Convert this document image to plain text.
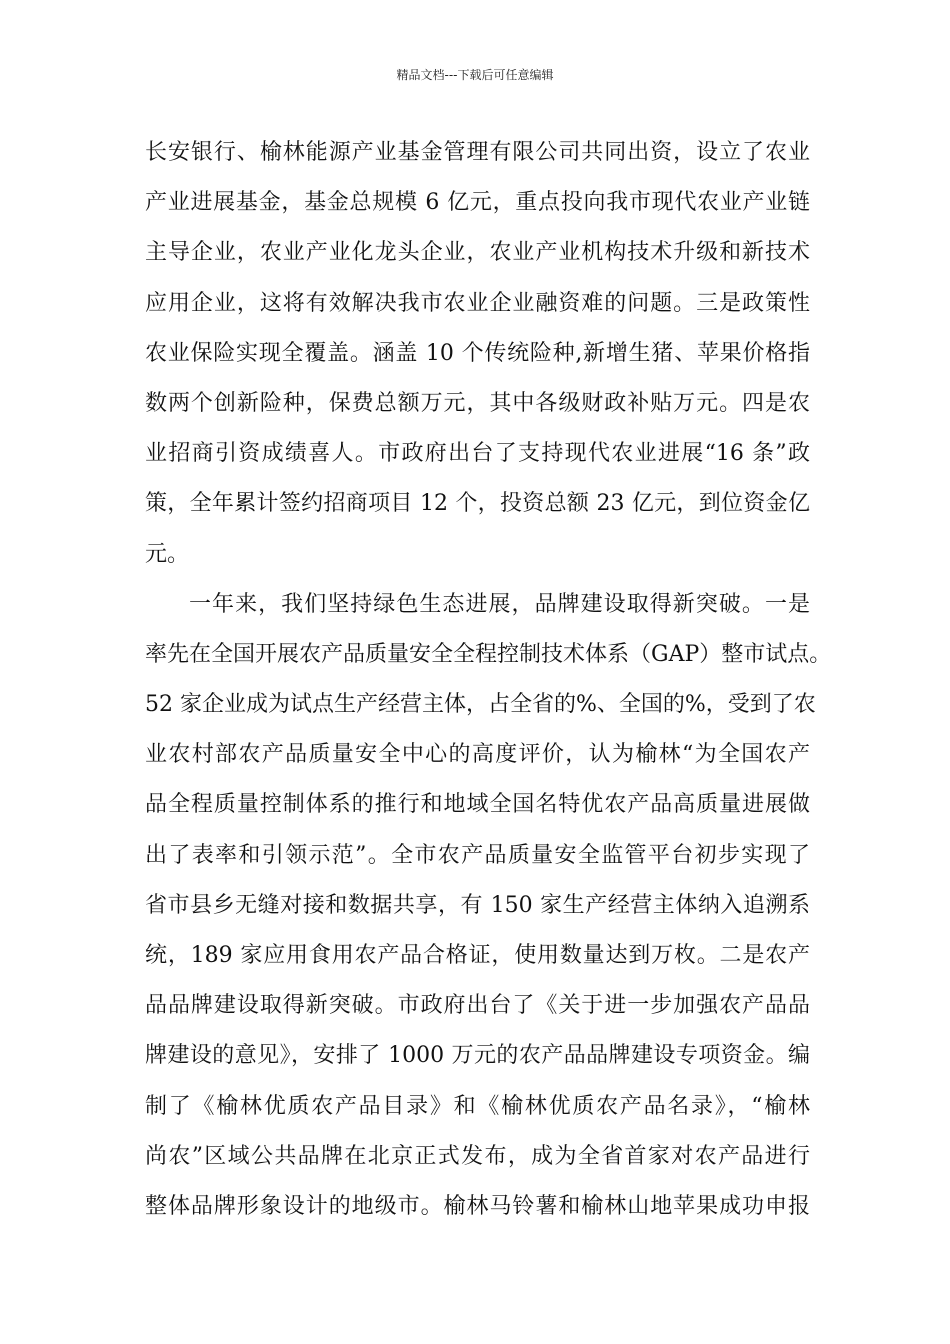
精品文档---下载后可任意编辑
长安银行、榆林能源产业基金管理有限公司共同出资，设立了农业
产业进展基金，基金总规模 6 亿元，重点投向我市现代农业产业链
主导企业，农业产业化龙头企业，农业产业机构技术升级和新技术
应用企业，这将有效解决我市农业企业融资难的问题。三是政策性
农业保险实现全覆盖。涵盖 10 个传统险种,新增生猪、苹果价格指
数两个创新险种，保费总额万元，其中各级财政补贴万元。四是农
业招商引资成绩喜人。市政府出台了支持现代农业进展“16 条”政
策，全年累计签约招商项目 12 个，投资总额 23 亿元，到位资金亿
元。
一年来，我们坚持绿色生态进展，品牌建设取得新突破。一是
率先在全国开展农产品质量安全全程控制技术体系（GAP）整市试点。
52 家企业成为试点生产经营主体，占全省的%、全国的%，受到了农
业农村部农产品质量安全中心的高度评价，认为榆林“为全国农产
品全程质量控制体系的推行和地域全国名特优农产品高质量进展做
出了表率和引领示范”。全市农产品质量安全监管平台初步实现了
省市县乡无缝对接和数据共享，有 150 家生产经营主体纳入追溯系
统，189 家应用食用农产品合格证，使用数量达到万枚。二是农产
品品牌建设取得新突破。市政府出台了《关于进一步加强农产品品
牌建设的意见》，安排了 1000 万元的农产品品牌建设专项资金。编
制了《榆林优质农产品目录》和《榆林优质农产品名录》，“榆林
尚农”区域公共品牌在北京正式发布，成为全省首家对农产品进行
整体品牌形象设计的地级市。榆林马铃薯和榆林山地苹果成功申报
